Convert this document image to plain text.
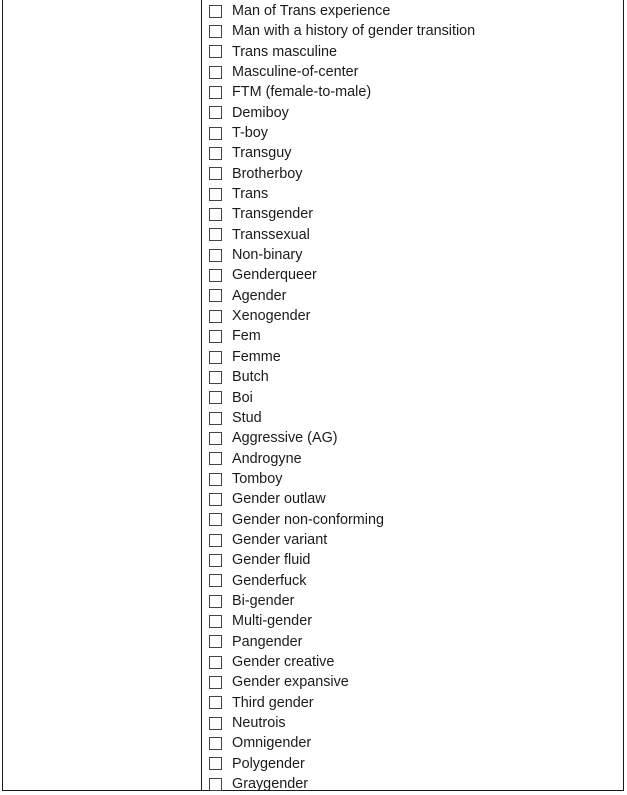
Man of Trans experience
Man with a history of gender transition
Trans masculine
Masculine-of-center
FTM (female-to-male)
Demiboy
T-boy
Transguy
Brotherboy
Trans
Transgender
Transsexual
Non-binary
Genderqueer
Agender
Xenogender
Fem
Femme
Butch
Boi
Stud
Aggressive (AG)
Androgyne
Tomboy
Gender outlaw
Gender non-conforming
Gender variant
Gender fluid
Genderfuck
Bi-gender
Multi-gender
Pangender
Gender creative
Gender expansive
Third gender
Neutrois
Omnigender
Polygender
Graygender
